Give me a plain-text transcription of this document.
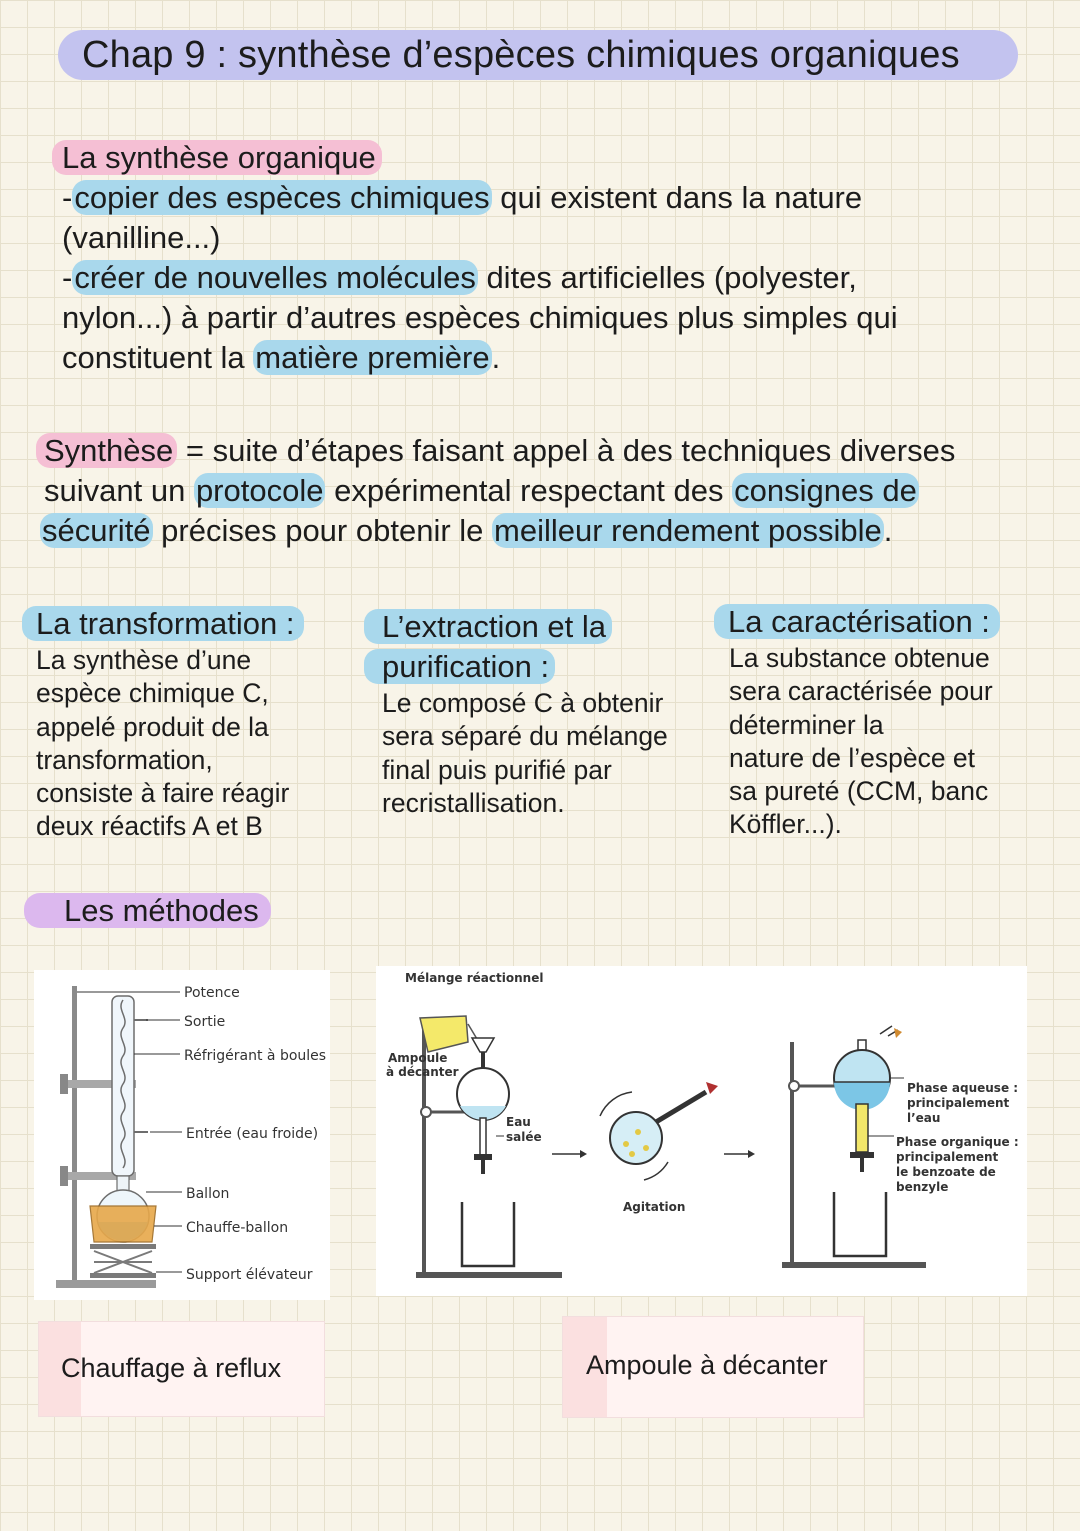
Chap 9 : synthèse d’espèces chimiques organiques
La synthèse organique
-copier des espèces chimiques qui existent dans la nature
(vanilline...)
-créer de nouvelles molécules dites artificielles (polyester,
nylon...) à partir d’autres espèces chimiques plus simples qui
constituent la matière première.
Synthèse = suite d’étapes faisant appel à des techniques diverses
suivant un protocole expérimental respectant des consignes de
sécurité précises pour obtenir le meilleur rendement possible.
La transformation :
La synthèse d’une
espèce chimique C,
appelé produit de la
transformation,
consiste à faire réagir
deux réactifs A et B
L’extraction et la
purification :
Le composé C à obtenir
sera séparé du mélange
final puis purifié par
recristallisation.
La caractérisation :
La substance obtenue
sera caractérisée pour
déterminer la
nature de l’espèce et
sa pureté (CCM, banc
Köffler...).
Les méthodes
Potence
Sortie
Réfrigérant à boules
Entrée (eau froide)
Ballon
Chauffe-ballon
Support élévateur
Mélange réactionnel
Ampoule
à décanter
Eau
salée
Agitation
Phase aqueuse :
principalement
l’eau
Phase organique :
principalement
le benzoate de
benzyle
Chauffage à reflux	Ampoule à décanter
